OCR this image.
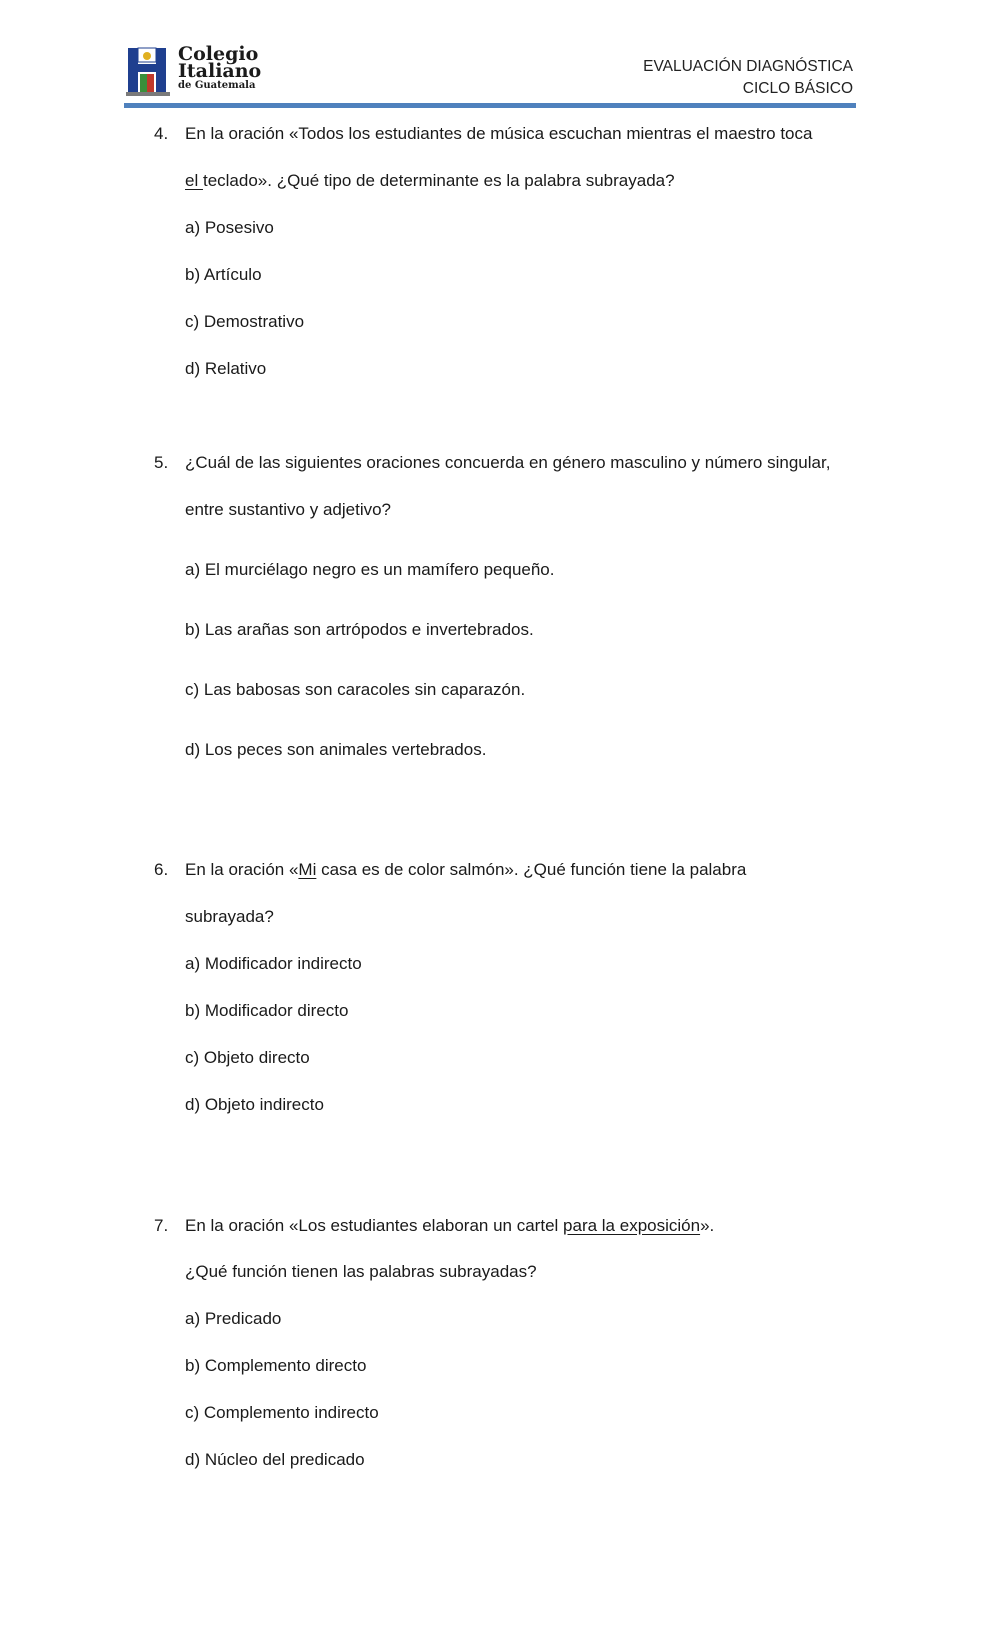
Colegio
Italiano
de Guatemala
EVALUACIÓN DIAGNÓSTICA
CICLO BÁSICO
4. En la oración «Todos los estudiantes de música escuchan mientras el maestro toca
el teclado». ¿Qué tipo de determinante es la palabra subrayada?
a) Posesivo
b) Artículo
c) Demostrativo
d) Relativo
5. ¿Cuál de las siguientes oraciones concuerda en género masculino y número singular,
entre sustantivo y adjetivo?
a) El murciélago negro es un mamífero pequeño.
b) Las arañas son artrópodos e invertebrados.
c) Las babosas son caracoles sin caparazón.
d) Los peces son animales vertebrados.
6. En la oración «Mi casa es de color salmón». ¿Qué función tiene la palabra
subrayada?
a) Modificador indirecto
b) Modificador directo
c) Objeto directo
d) Objeto indirecto
7. En la oración «Los estudiantes elaboran un cartel para la exposición».
¿Qué función tienen las palabras subrayadas?
a) Predicado
b) Complemento directo
c) Complemento indirecto
d) Núcleo del predicado
